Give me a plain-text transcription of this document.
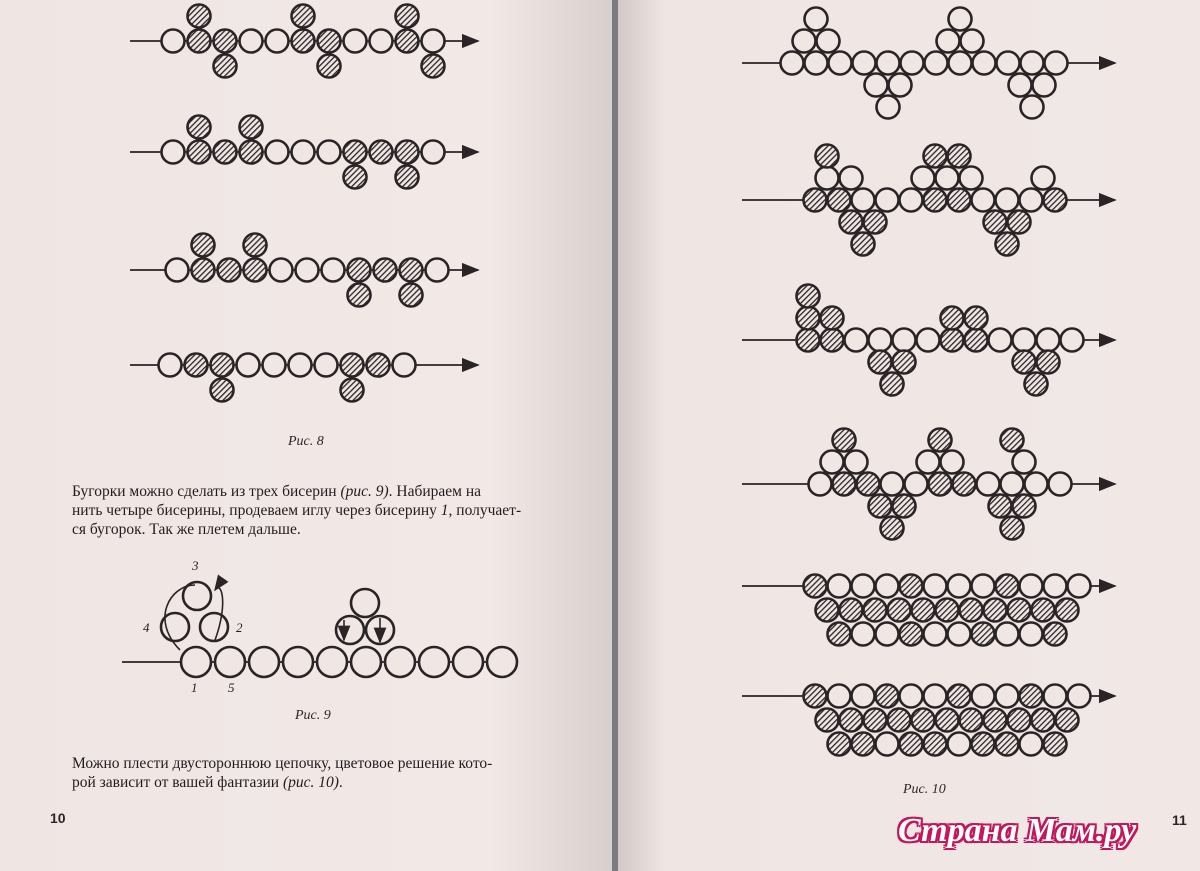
Рис. 8
Бугорки можно сделать из трех бисерин (рис. 9). Набираем на
нить четыре бисерины, продеваем иглу через бисерину 1, получает-
ся бугорок. Так же плетем дальше.
3
4	2
1 5
Рис. 9
Можно плести двустороннюю цепочку, цветовое решение кото-
рой зависит от вашей фантазии (рис. 10).
10
Рис. 10
11
Страна Мам.ру
